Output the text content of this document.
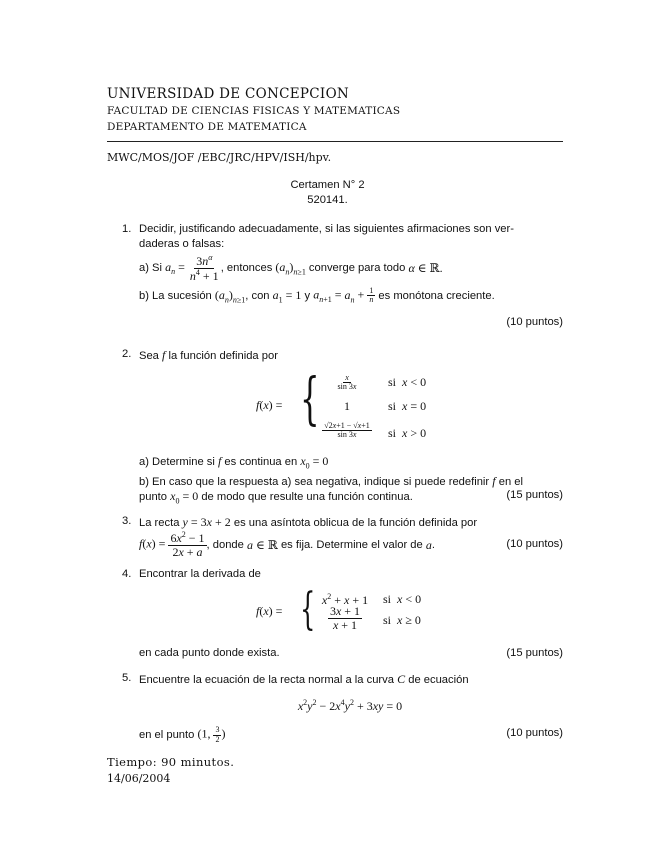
UNIVERSIDAD DE CONCEPCION
FACULTAD DE CIENCIAS FISICAS Y MATEMATICAS
DEPARTAMENTO DE MATEMATICA
MWC/MOS/JOF /EBC/JRC/HPV/ISH/hpv.
Certamen N° 2
520141.
1. Decidir, justificando adecuadamente, si las siguientes afirmaciones son ver-
daderas o falsas:
a) Si
$a_n = \frac{3n^\alpha}{n^4 + 1}$ , entonces
$(a_n)_{n\ge 1}$
converge para todo
α ∈ ℝ.
b) La sucesión
$(a_n)_{n\ge 1}$ , con
$a_1 = 1$
y
$a_{n+1} = a_n + \frac{1}{n}$
es monótona creciente.
(10 puntos)
2. Sea f la función definida por
f(x) = { $\frac{x}{\sin 3x}$ si x < 0
1	si x = 0
$\frac{√2x+1 - √x+1}{\sin 3x}$ si x > 0
a) Determine si f es continua en $x_0 = 0$
b) En caso que la respuesta a) sea negativa, indique si puede redefinir f en el
punto $x_0 = 0$ de modo que resulte una función continua.	(15 puntos)
3. La recta y = 3x + 2 es una asíntota oblicua de la función definida por
$f(x) = \frac{6x^2 - 1}{2x + a}$ , donde
a ∈ ℝ
es fija. Determine el valor de
a .	(10 puntos)
4. Encontrar la derivada de
f(x) = { $x^2 + x + 1$	si x < 0
$\frac{3x + 1}{x + 1}$ si x ≥ 0
en cada punto donde exista.	(15 puntos)
5. Encuentre la ecuación de la recta normal a la curva C de ecuación
$x^2y^2 - 2x^4y^2 + 3xy = 0$
en el punto
(1, $\frac{3}{2}$ )	(10 puntos)
Tiempo: 90 minutos.
14/06/2004
